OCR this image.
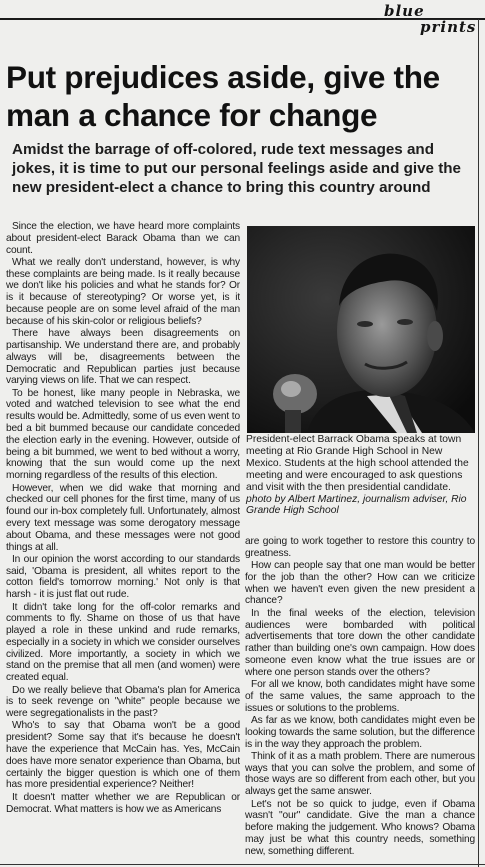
blue
prints
Put prejudices aside, give the man a chance for change
Amidst the barrage of off-colored, rude text messages and jokes, it is time to put our personal feelings aside and give the new president-elect a chance to bring this country around

Since the election, we have heard more complaints about president-elect Barack Obama than we can count.

What we really don't understand, however, is why these complaints are being made. Is it really because we don't like his policies and what he stands for? Or is it because of stereotyping? Or worse yet, is it because people are on some level afraid of the man because of his skin-color or religious beliefs?

There have always been disagreements on partisanship. We understand there are, and probably always will be, disagreements between the Democratic and Republican parties just because varying views on life. That we can respect.

To be honest, like many people in Nebraska, we voted and watched television to see what the end results would be. Admittedly, some of us even went to bed a bit bummed because our candidate conceded the election early in the evening. However, outside of being a bit bummed, we went to bed without a worry, knowing that the sun would come up the next morning regardless of the results of this election.

However, when we did wake that morning and checked our cell phones for the first time, many of us found our in-box completely full. Unfortunately, almost every text message was some derogatory message about Obama, and these messages were not good things at all.

In our opinion the worst according to our standards said, 'Obama is president, all whites report to the cotton field's tomorrow morning.' Not only is that harsh - it is just flat out rude.

It didn't take long for the off-color remarks and comments to fly. Shame on those of us that have played a role in these unkind and rude remarks, especially in a society in which we consider ourselves civilized. More importantly, a society in which we stand on the premise that all men (and women) were created equal.

Do we really believe that Obama's plan for America is to seek revenge on "white" people because we were segregationalists in the past?

Who's to say that Obama won't be a good president? Some say that it's because he doesn't have the experience that McCain has. Yes, McCain does have more senator experience than Obama, but certainly the bigger question is which one of them has more presidential experience? Neither!

It doesn't matter whether we are Republican or Democrat. What matters is how we as Americans

President-elect Barrack Obama speaks at town meeting at Rio Grande High School in New Mexico. Students at the high school attended the meeting and were encouraged to ask questions and visit with the then presidential candidate. photo by Albert Martinez, journalism adviser, Rio Grande High School

are going to work together to restore this country to greatness.

How can people say that one man would be better for the job than the other? How can we criticize when we haven't even given the new president a chance?

In the final weeks of the election, television audiences were bombarded with political advertisements that tore down the other candidate rather than building one's own campaign. How does someone even know what the true issues are or where one person stands over the others?

For all we know, both candidates might have some of the same values, the same approach to the issues or solutions to the problems.

As far as we know, both candidates might even be looking towards the same solution, but the difference is in the way they approach the problem.

Think of it as a math problem. There are numerous ways that you can solve the problem, and some of those ways are so different from each other, but you always get the same answer.

Let's not be so quick to judge, even if Obama wasn't "our" candidate. Give the man a chance before making the judgement. Who knows? Obama may just be what this country needs, something new, something different.
